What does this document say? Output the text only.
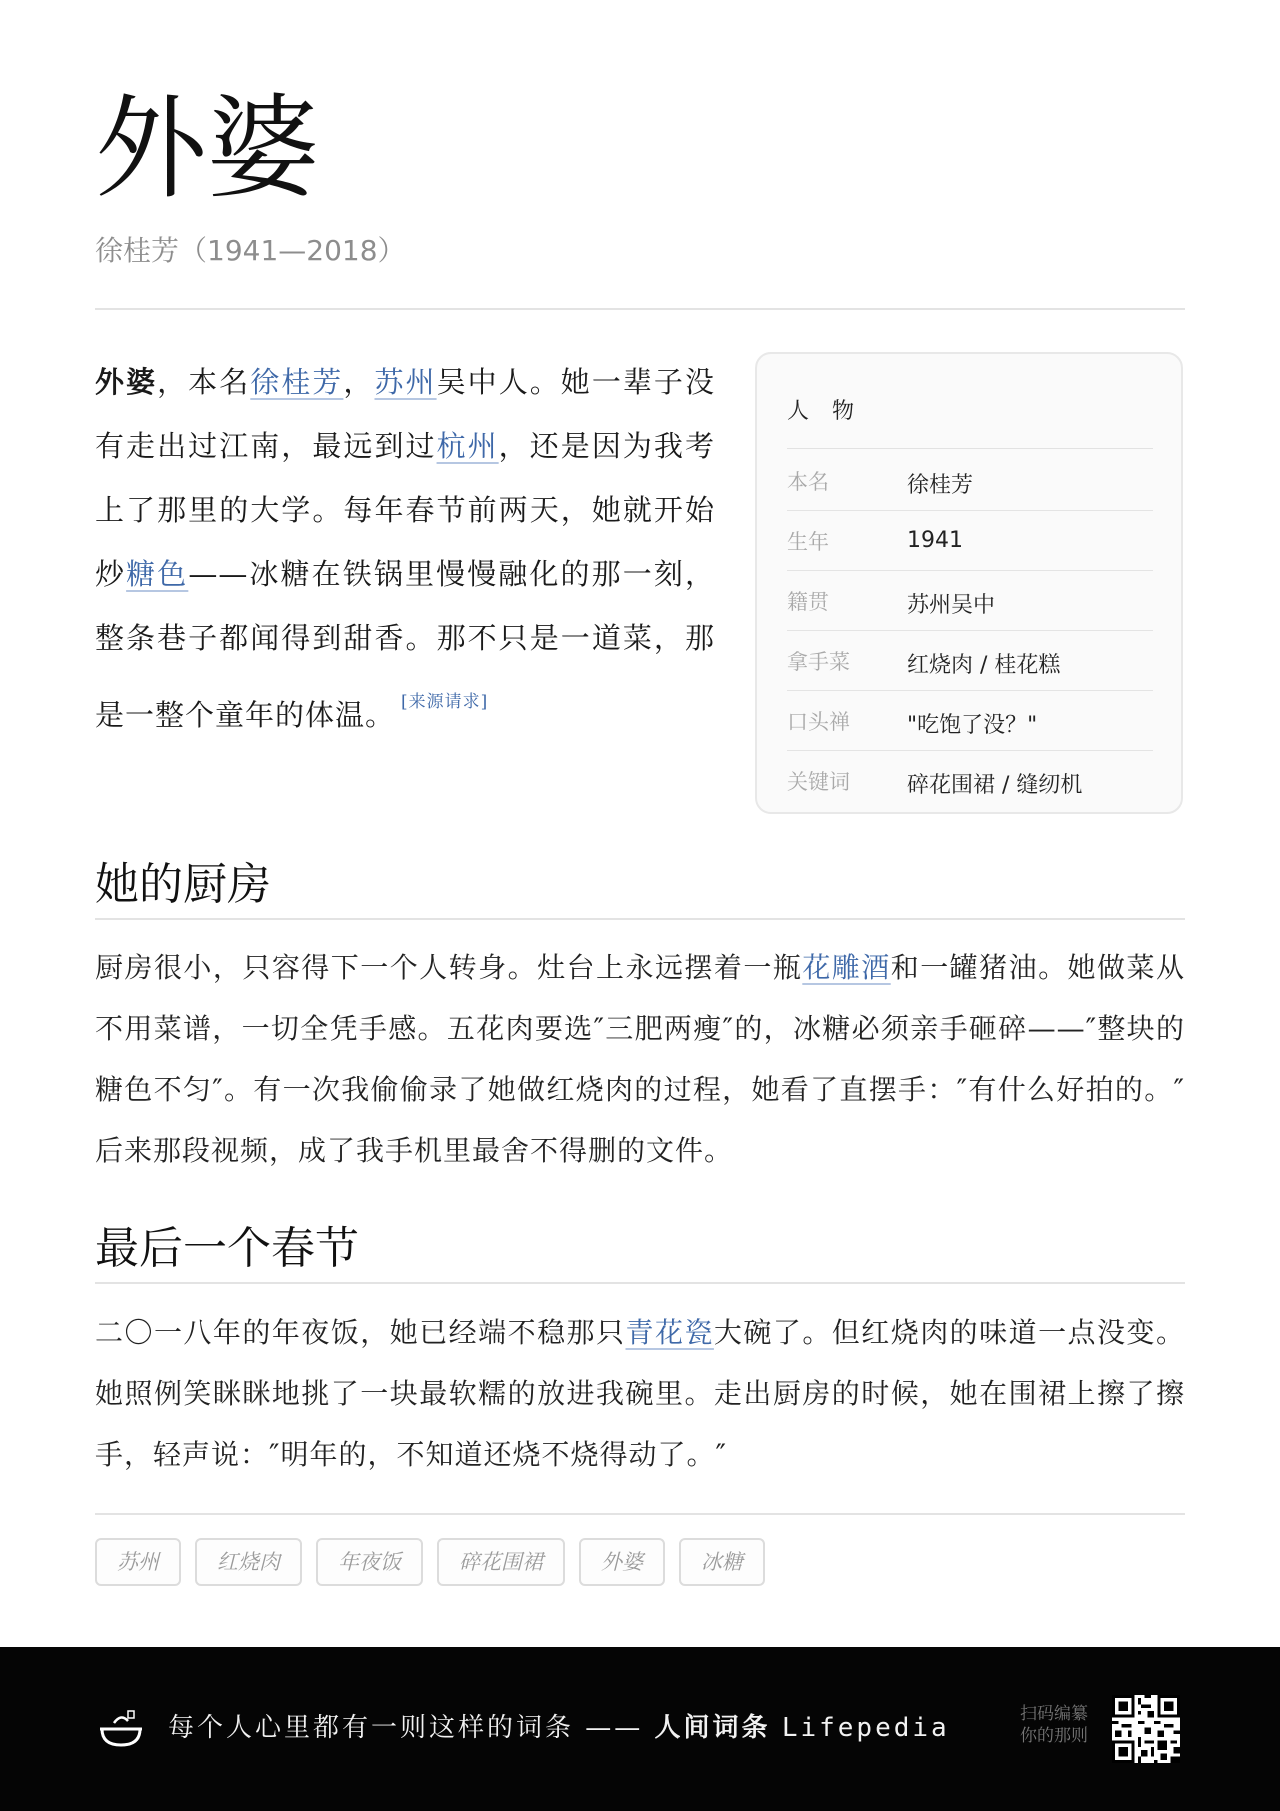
外婆
徐桂芳（1941—2018）
外婆，本名徐桂芳，苏州吴中人。她一辈子没有走出过江南，最远到过杭州，还是因为我考上了那里的大学。每年春节前两天，她就开始炒糖色——冰糖在铁锅里慢慢融化的那一刻，整条巷子都闻得到甜香。那不只是一道菜，那是一整个童年的体温。 [来源请求]
人 物
本名	徐桂芳
生年	1941
籍贯	苏州吴中
拿手菜	红烧肉 / 桂花糕
口头禅	"吃饱了没？"
关键词	碎花围裙 / 缝纫机
她的厨房
厨房很小，只容得下一个人转身。灶台上永远摆着一瓶花雕酒和一罐猪油。她做菜从不用菜谱，一切全凭手感。五花肉要选″三肥两瘦″的，冰糖必须亲手砸碎——″整块的糖色不匀″。有一次我偷偷录了她做红烧肉的过程，她看了直摆手：″有什么好拍的。″后来那段视频，成了我手机里最舍不得删的文件。
最后一个春节
二〇一八年的年夜饭，她已经端不稳那只青花瓷大碗了。但红烧肉的味道一点没变。她照例笑眯眯地挑了一块最软糯的放进我碗里。走出厨房的时候，她在围裙上擦了擦手，轻声说：″明年的，不知道还烧不烧得动了。″
苏州	红烧肉	年夜饭	碎花围裙	外婆	冰糖
每个人心里都有一则这样的词条 —— 人间词条 Lifepedia	扫码编纂
你的那则
